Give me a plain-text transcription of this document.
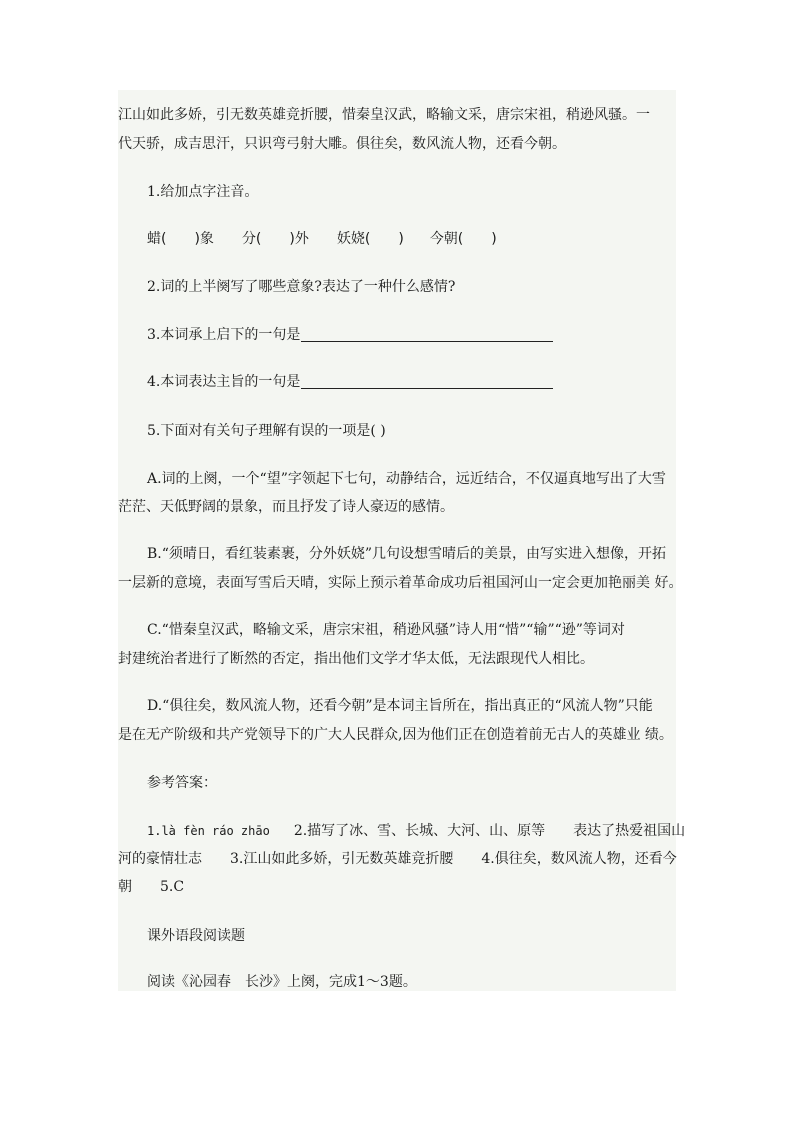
江山如此多娇，引无数英雄竞折腰，惜秦皇汉武，略输文采，唐宗宋祖，稍逊风骚。一
代天骄，成吉思汗，只识弯弓射大雕。俱往矣，数风流人物，还看今朝。
1.给加点字注音。
蜡(　　)象 分(　　)外 妖娆(　　) 今朝(　　)
2.词的上半阕写了哪些意象?表达了一种什么感情?
3.本词承上启下的一句是
4.本词表达主旨的一句是
5.下面对有关句子理解有误的一项是( )
A.词的上阕，一个“望”字领起下七句，动静结合，远近结合，不仅逼真地写出了大雪
茫茫、天低野阔的景象，而且抒发了诗人豪迈的感情。
B.“须晴日，看红装素裹，分外妖娆”几句设想雪晴后的美景，由写实进入想像，开拓
一层新的意境，表面写雪后天晴，实际上预示着革命成功后祖国河山一定会更加艳丽美 好。
C.“惜秦皇汉武，略输文采，唐宗宋祖，稍逊风骚”诗人用“惜”“输”“逊”等词对
封建统治者进行了断然的否定，指出他们文学才华太低，无法跟现代人相比。
D.“俱往矣，数风流人物，还看今朝”是本词主旨所在，指出真正的“风流人物”只能
是在无产阶级和共产党领导下的广大人民群众,因为他们正在创造着前无古人的英雄业 绩。
参考答案：
1.là fèn ráo zhāo 2.描写了冰、雪、长城、大河、山、原等　　表达了热爱祖国山
河的豪情壮志　　3.江山如此多娇，引无数英雄竞折腰　　4.俱往矣，数风流人物，还看今
朝　　5.C
课外语段阅读题
阅读《沁园春　长沙》上阕，完成1～3题。
